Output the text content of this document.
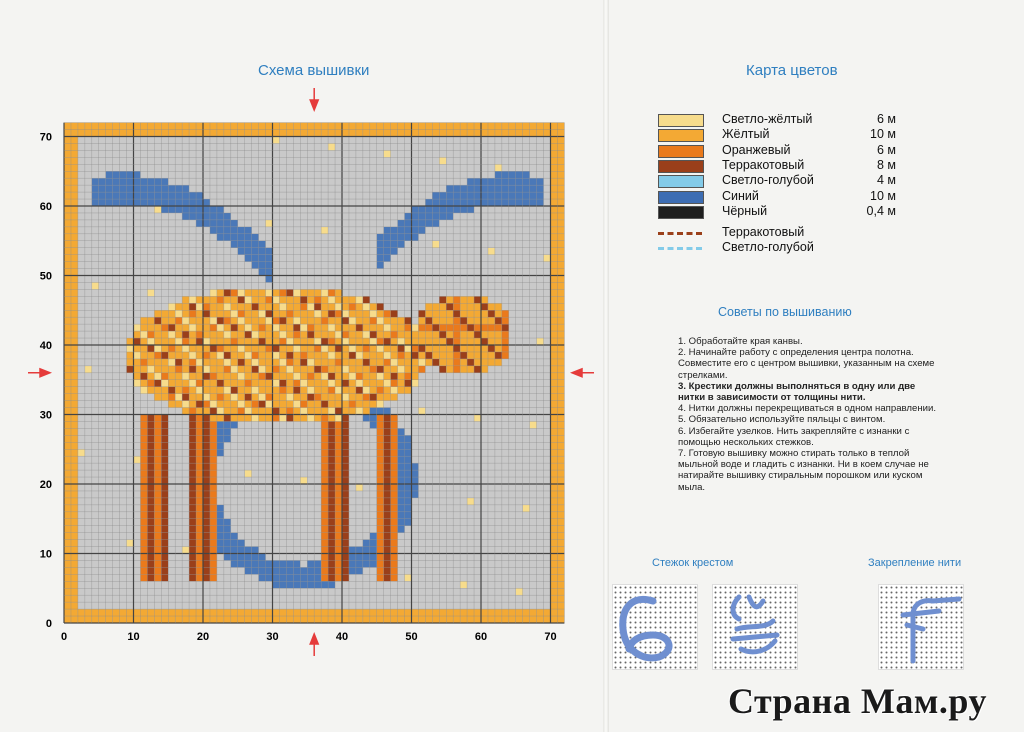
Схема вышивки
70
60
50
40
30
20
10
0
0	10	20	30	40	50	60	70
Карта цветов
Светло-жёлтый	6 м
Жёлтый	10 м
Оранжевый	6 м
Терракотовый	8 м
Светло-голубой	4 м
Синий	10 м
Чёрный	0,4 м
Терракотовый
Светло-голубой
Советы по вышиванию
1. Обработайте края канвы.
2. Начинайте работу с определения центра полотна. Совместите его с центром вышивки, указанным на схеме стрелками.
3. Крестики должны выполняться в одну или две нитки в зависимости от толщины нити.
4. Нитки должны перекрещиваться в одном направлении.
5. Обязательно используйте пяльцы с винтом.
6. Избегайте узелков. Нить закрепляйте с изнанки с помощью нескольких стежков.
7. Готовую вышивку можно стирать только в теплой мыльной воде и гладить с изнанки. Ни в коем случае не натирайте вышивку стиральным порошком или куском мыла.
Стежок крестом	Закрепление нити
Страна Мам.ру
